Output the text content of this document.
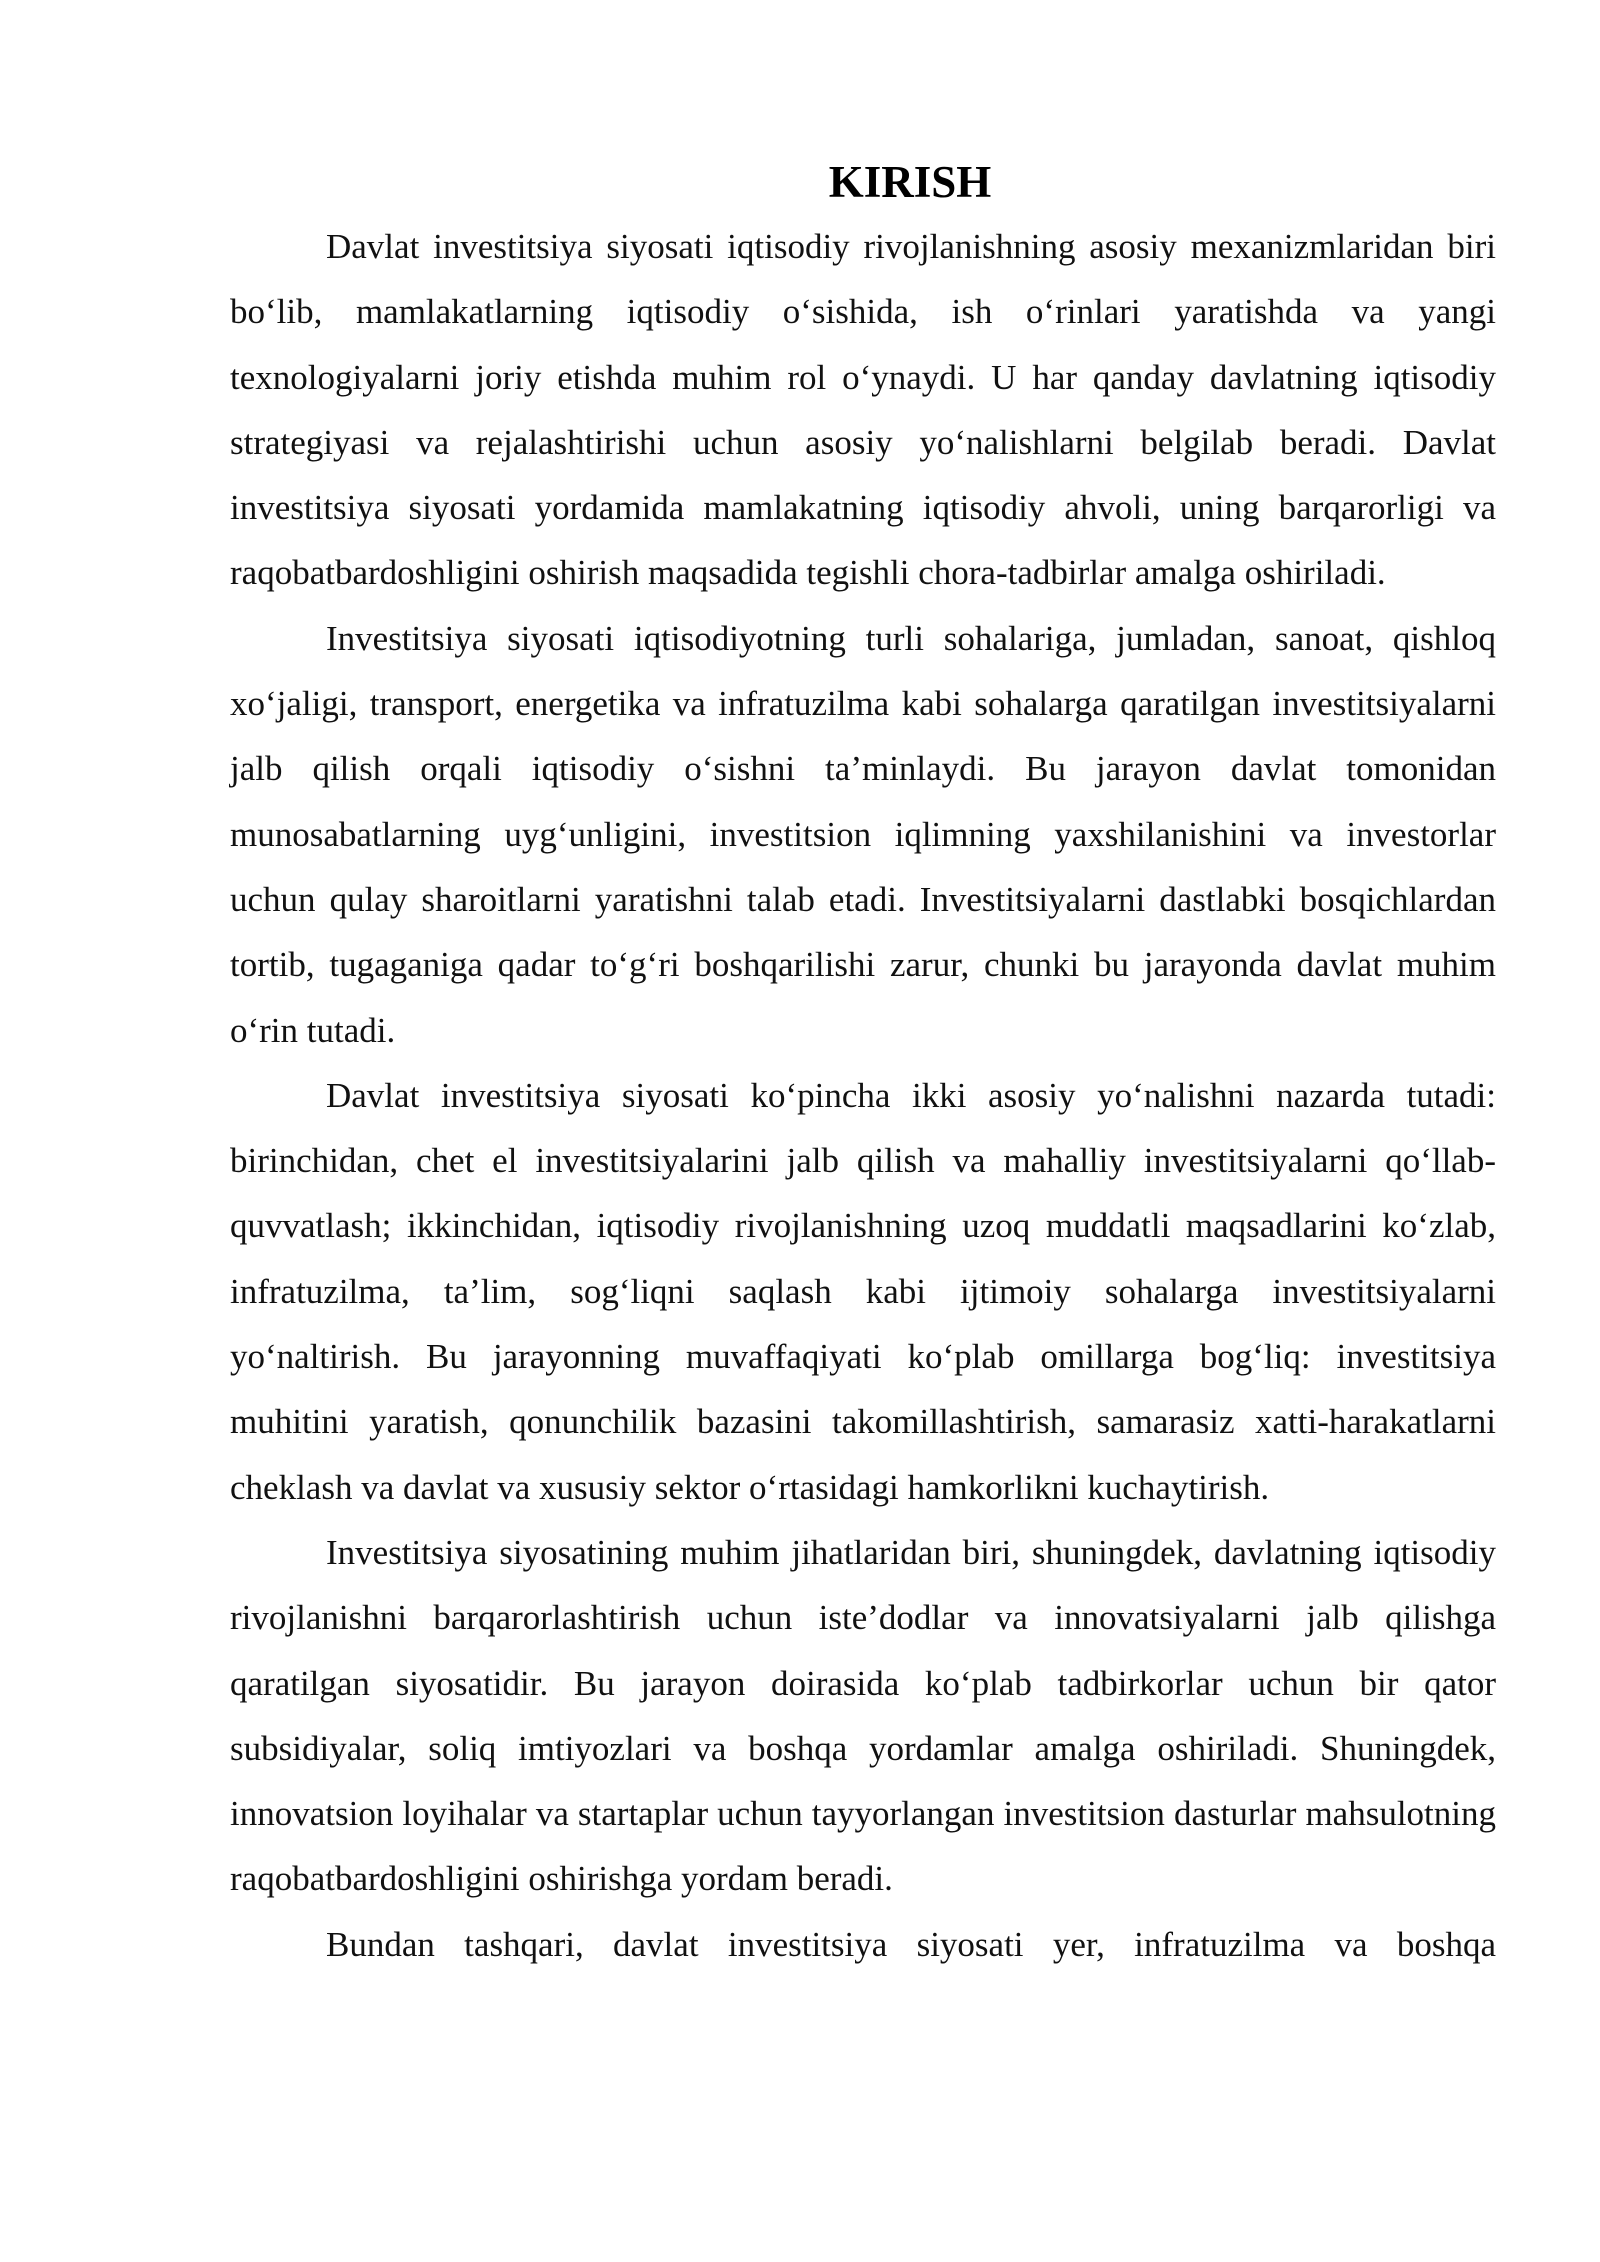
KIRISH

Davlat investitsiya siyosati iqtisodiy rivojlanishning asosiy mexanizmlaridan biri bo‘lib, mamlakatlarning iqtisodiy o‘sishida, ish o‘rinlari yaratishda va yangi texnologiyalarni joriy etishda muhim rol o‘ynaydi. U har qanday davlatning iqtisodiy strategiyasi va rejalashtirishi uchun asosiy yo‘nalishlarni belgilab beradi. Davlat investitsiya siyosati yordamida mamlakatning iqtisodiy ahvoli, uning barqarorligi va raqobatbardoshligini oshirish maqsadida tegishli chora-tadbirlar amalga oshiriladi.

Investitsiya siyosati iqtisodiyotning turli sohalariga, jumladan, sanoat, qishloq xo‘jaligi, transport, energetika va infratuzilma kabi sohalarga qaratilgan investitsiyalarni jalb qilish orqali iqtisodiy o‘sishni ta’minlaydi. Bu jarayon davlat tomonidan munosabatlarning uyg‘unligini, investitsion iqlimning yaxshilanishini va investorlar uchun qulay sharoitlarni yaratishni talab etadi. Investitsiyalarni dastlabki bosqichlardan tortib, tugaganiga qadar to‘g‘ri boshqarilishi zarur, chunki bu jarayonda davlat muhim o‘rin tutadi.

Davlat investitsiya siyosati ko‘pincha ikki asosiy yo‘nalishni nazarda tutadi: birinchidan, chet el investitsiyalarini jalb qilish va mahalliy investitsiyalarni qo‘llab-quvvatlash; ikkinchidan, iqtisodiy rivojlanishning uzoq muddatli maqsadlarini ko‘zlab, infratuzilma, ta’lim, sog‘liqni saqlash kabi ijtimoiy sohalarga investitsiyalarni yo‘naltirish. Bu jarayonning muvaffaqiyati ko‘plab omillarga bog‘liq: investitsiya muhitini yaratish, qonunchilik bazasini takomillashtirish, samarasiz xatti-harakatlarni cheklash va davlat va xususiy sektor o‘rtasidagi hamkorlikni kuchaytirish.

Investitsiya siyosatining muhim jihatlaridan biri, shuningdek, davlatning iqtisodiy rivojlanishni barqarorlashtirish uchun iste’dodlar va innovatsiyalarni jalb qilishga qaratilgan siyosatidir. Bu jarayon doirasida ko‘plab tadbirkorlar uchun bir qator subsidiyalar, soliq imtiyozlari va boshqa yordamlar amalga oshiriladi. Shuningdek, innovatsion loyihalar va startaplar uchun tayyorlangan investitsion dasturlar mahsulotning raqobatbardoshligini oshirishga yordam beradi.

Bundan tashqari, davlat investitsiya siyosati yer, infratuzilma va boshqa
